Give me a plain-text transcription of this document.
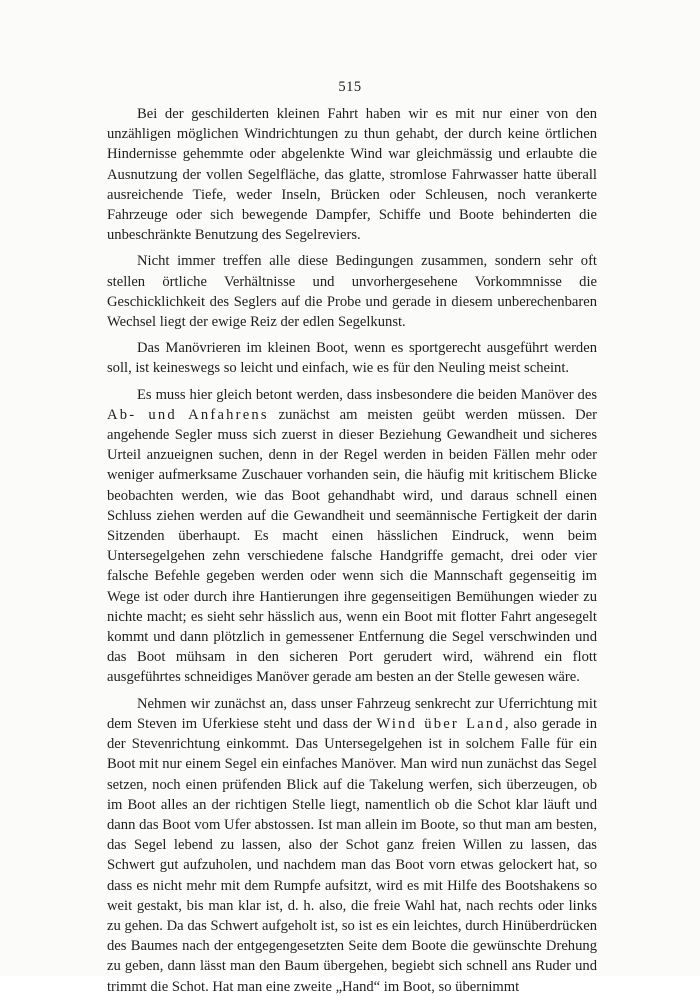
515

Bei der geschilderten kleinen Fahrt haben wir es mit nur einer von den unzähligen möglichen Windrichtungen zu thun gehabt, der durch keine örtlichen Hindernisse gehemmte oder abgelenkte Wind war gleichmässig und erlaubte die Ausnutzung der vollen Segelfläche, das glatte, stromlose Fahrwasser hatte überall ausreichende Tiefe, weder Inseln, Brücken oder Schleusen, noch verankerte Fahrzeuge oder sich bewegende Dampfer, Schiffe und Boote behinderten die unbeschränkte Benutzung des Segelreviers.

Nicht immer treffen alle diese Bedingungen zusammen, sondern sehr oft stellen örtliche Verhältnisse und unvorhergesehene Vorkommnisse die Geschicklichkeit des Seglers auf die Probe und gerade in diesem unberechenbaren Wechsel liegt der ewige Reiz der edlen Segelkunst.

Das Manövrieren im kleinen Boot, wenn es sportgerecht ausgeführt werden soll, ist keineswegs so leicht und einfach, wie es für den Neuling meist scheint.

Es muss hier gleich betont werden, dass insbesondere die beiden Manöver des Ab- und Anfahrens zunächst am meisten geübt werden müssen. Der angehende Segler muss sich zuerst in dieser Beziehung Gewandheit und sicheres Urteil anzueignen suchen, denn in der Regel werden in beiden Fällen mehr oder weniger aufmerksame Zuschauer vorhanden sein, die häufig mit kritischem Blicke beobachten werden, wie das Boot gehandhabt wird, und daraus schnell einen Schluss ziehen werden auf die Gewandheit und seemännische Fertigkeit der darin Sitzenden überhaupt. Es macht einen hässlichen Eindruck, wenn beim Untersegelgehen zehn verschiedene falsche Handgriffe gemacht, drei oder vier falsche Befehle gegeben werden oder wenn sich die Mannschaft gegenseitig im Wege ist oder durch ihre Hantierungen ihre gegenseitigen Bemühungen wieder zu nichte macht; es sieht sehr hässlich aus, wenn ein Boot mit flotter Fahrt angesegelt kommt und dann plötzlich in gemessener Entfernung die Segel verschwinden und das Boot mühsam in den sicheren Port gerudert wird, während ein flott ausgeführtes schneidiges Manöver gerade am besten an der Stelle gewesen wäre.

Nehmen wir zunächst an, dass unser Fahrzeug senkrecht zur Uferrichtung mit dem Steven im Uferkiese steht und dass der Wind über Land, also gerade in der Stevenrichtung einkommt. Das Untersegelgehen ist in solchem Falle für ein Boot mit nur einem Segel ein einfaches Manöver. Man wird nun zunächst das Segel setzen, noch einen prüfenden Blick auf die Takelung werfen, sich überzeugen, ob im Boot alles an der richtigen Stelle liegt, namentlich ob die Schot klar läuft und dann das Boot vom Ufer abstossen. Ist man allein im Boote, so thut man am besten, das Segel lebend zu lassen, also der Schot ganz freien Willen zu lassen, das Schwert gut aufzuholen, und nachdem man das Boot vorn etwas gelockert hat, so dass es nicht mehr mit dem Rumpfe aufsitzt, wird es mit Hilfe des Bootshakens so weit gestakt, bis man klar ist, d. h. also, die freie Wahl hat, nach rechts oder links zu gehen. Da das Schwert aufgeholt ist, so ist es ein leichtes, durch Hinüberdrücken des Baumes nach der entgegengesetzten Seite dem Boote die gewünschte Drehung zu geben, dann lässt man den Baum übergehen, begiebt sich schnell ans Ruder und trimmt die Schot. Hat man eine zweite „Hand“ im Boot, so übernimmt
